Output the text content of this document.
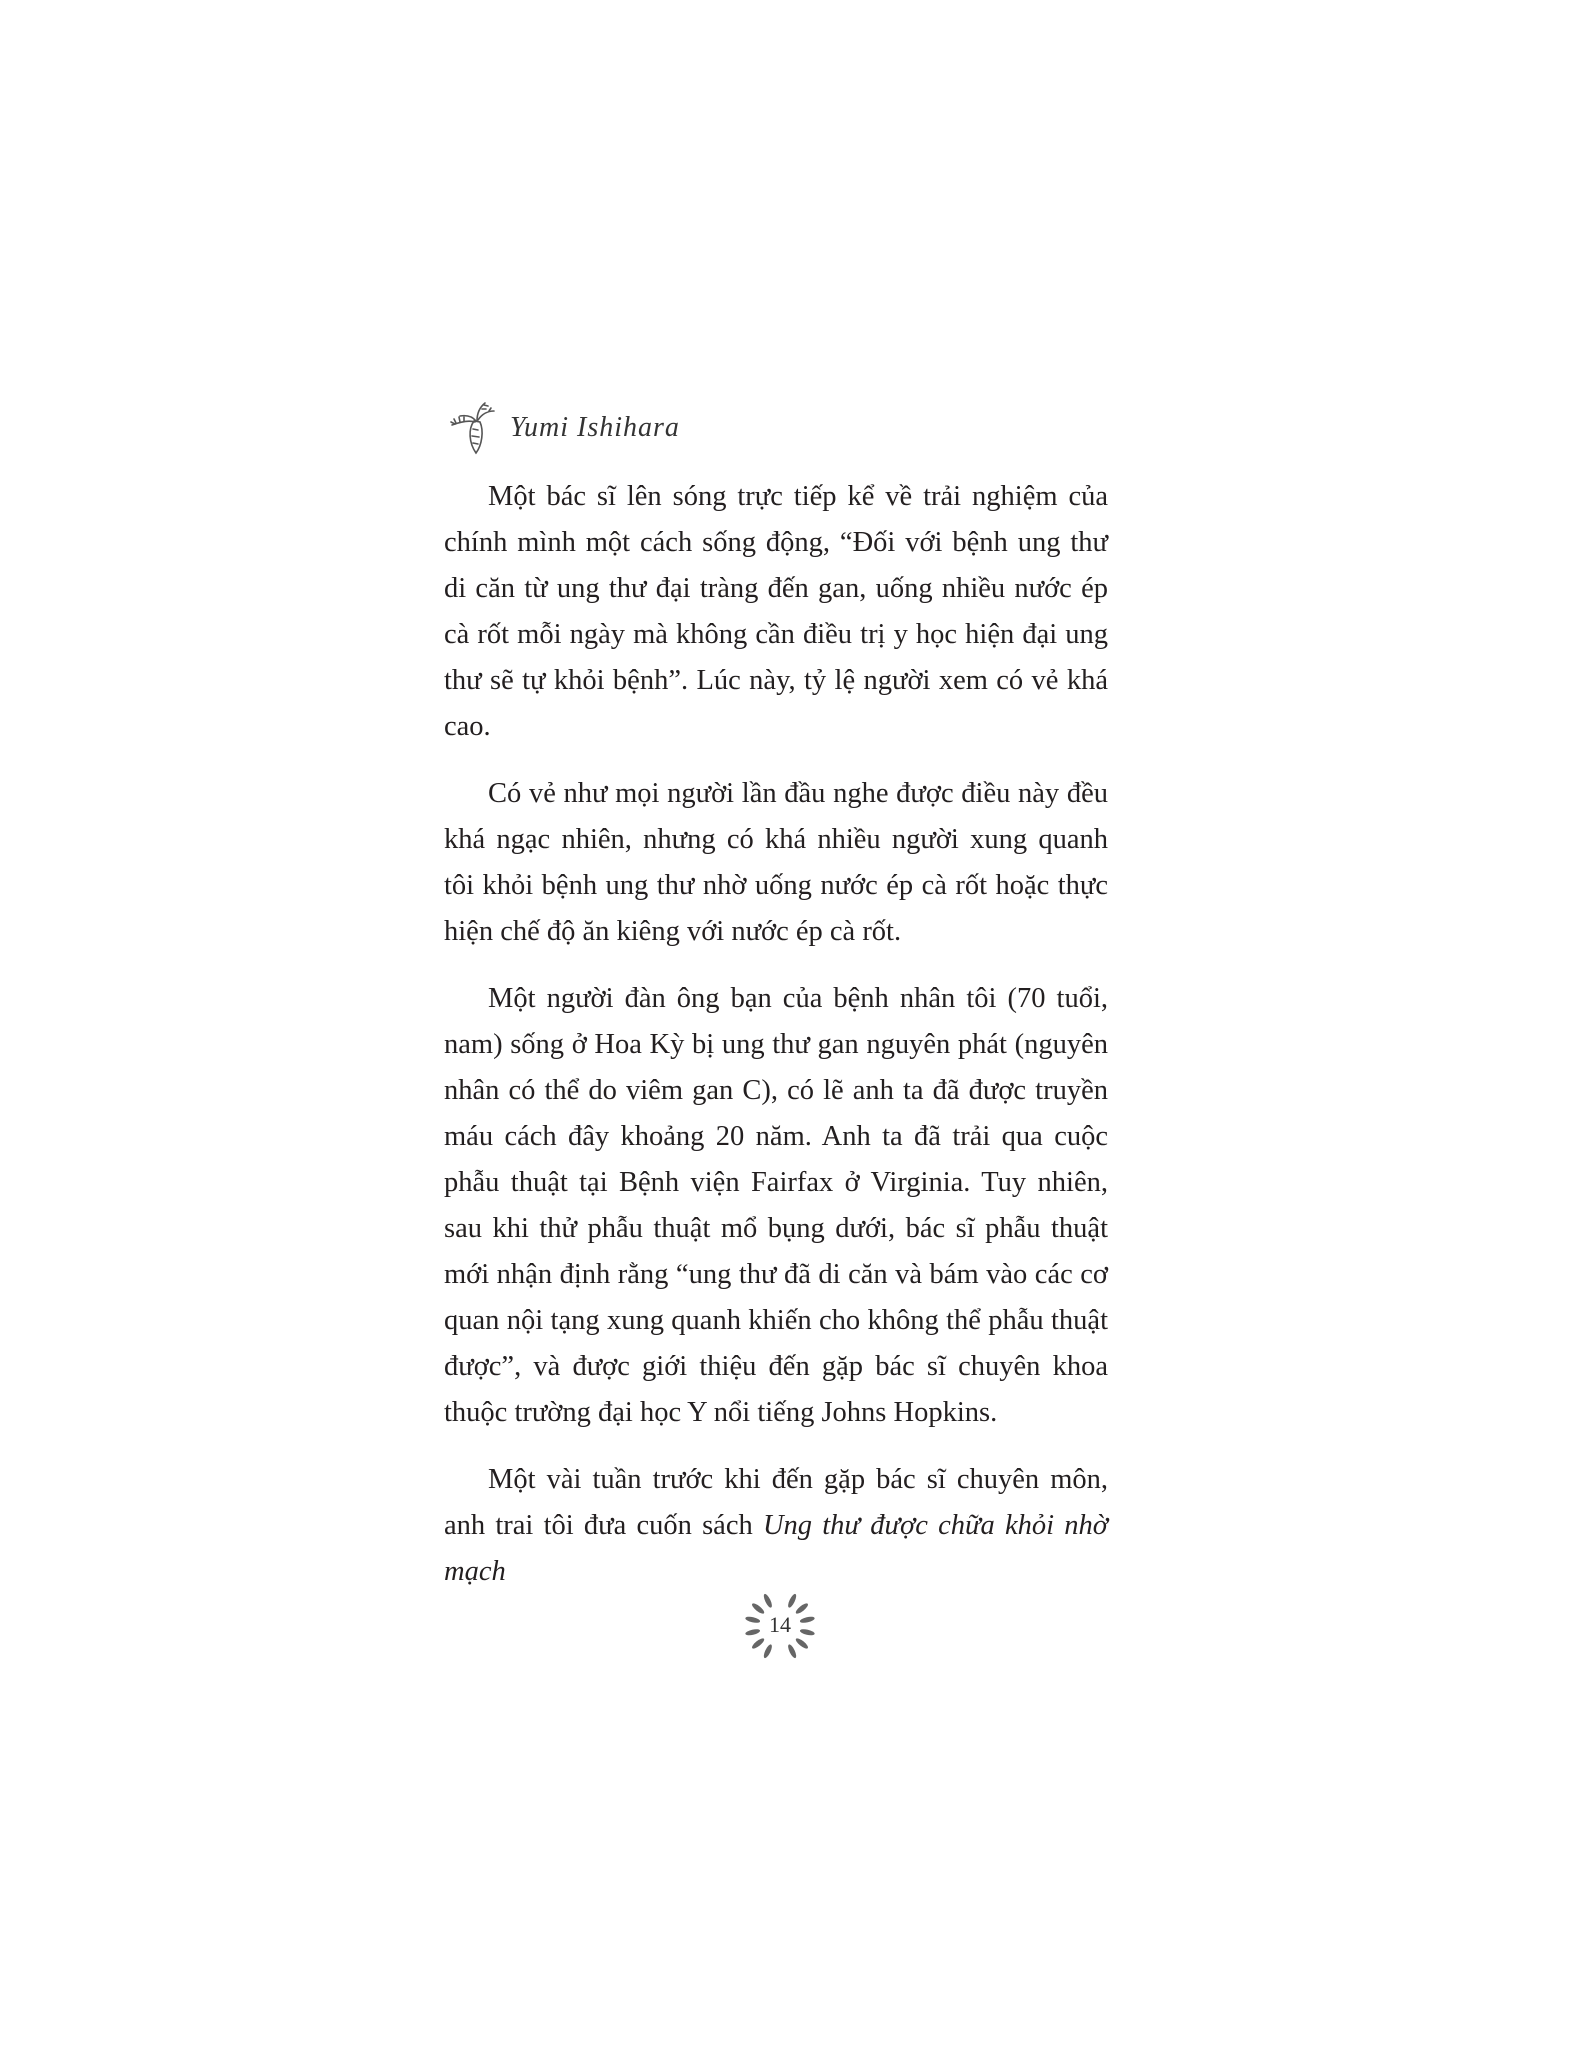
Yumi Ishihara

Một bác sĩ lên sóng trực tiếp kể về trải nghiệm của chính mình một cách sống động, “Đối với bệnh ung thư di căn từ ung thư đại tràng đến gan, uống nhiều nước ép cà rốt mỗi ngày mà không cần điều trị y học hiện đại ung thư sẽ tự khỏi bệnh”. Lúc này, tỷ lệ người xem có vẻ khá cao.

Có vẻ như mọi người lần đầu nghe được điều này đều khá ngạc nhiên, nhưng có khá nhiều người xung quanh tôi khỏi bệnh ung thư nhờ uống nước ép cà rốt hoặc thực hiện chế độ ăn kiêng với nước ép cà rốt.

Một người đàn ông bạn của bệnh nhân tôi (70 tuổi, nam) sống ở Hoa Kỳ bị ung thư gan nguyên phát (nguyên nhân có thể do viêm gan C), có lẽ anh ta đã được truyền máu cách đây khoảng 20 năm. Anh ta đã trải qua cuộc phẫu thuật tại Bệnh viện Fairfax ở Virginia. Tuy nhiên, sau khi thử phẫu thuật mổ bụng dưới, bác sĩ phẫu thuật mới nhận định rằng “ung thư đã di căn và bám vào các cơ quan nội tạng xung quanh khiến cho không thể phẫu thuật được”, và được giới thiệu đến gặp bác sĩ chuyên khoa thuộc trường đại học Y nổi tiếng Johns Hopkins.

Một vài tuần trước khi đến gặp bác sĩ chuyên môn, anh trai tôi đưa cuốn sách Ung thư được chữa khỏi nhờ mạch

14
